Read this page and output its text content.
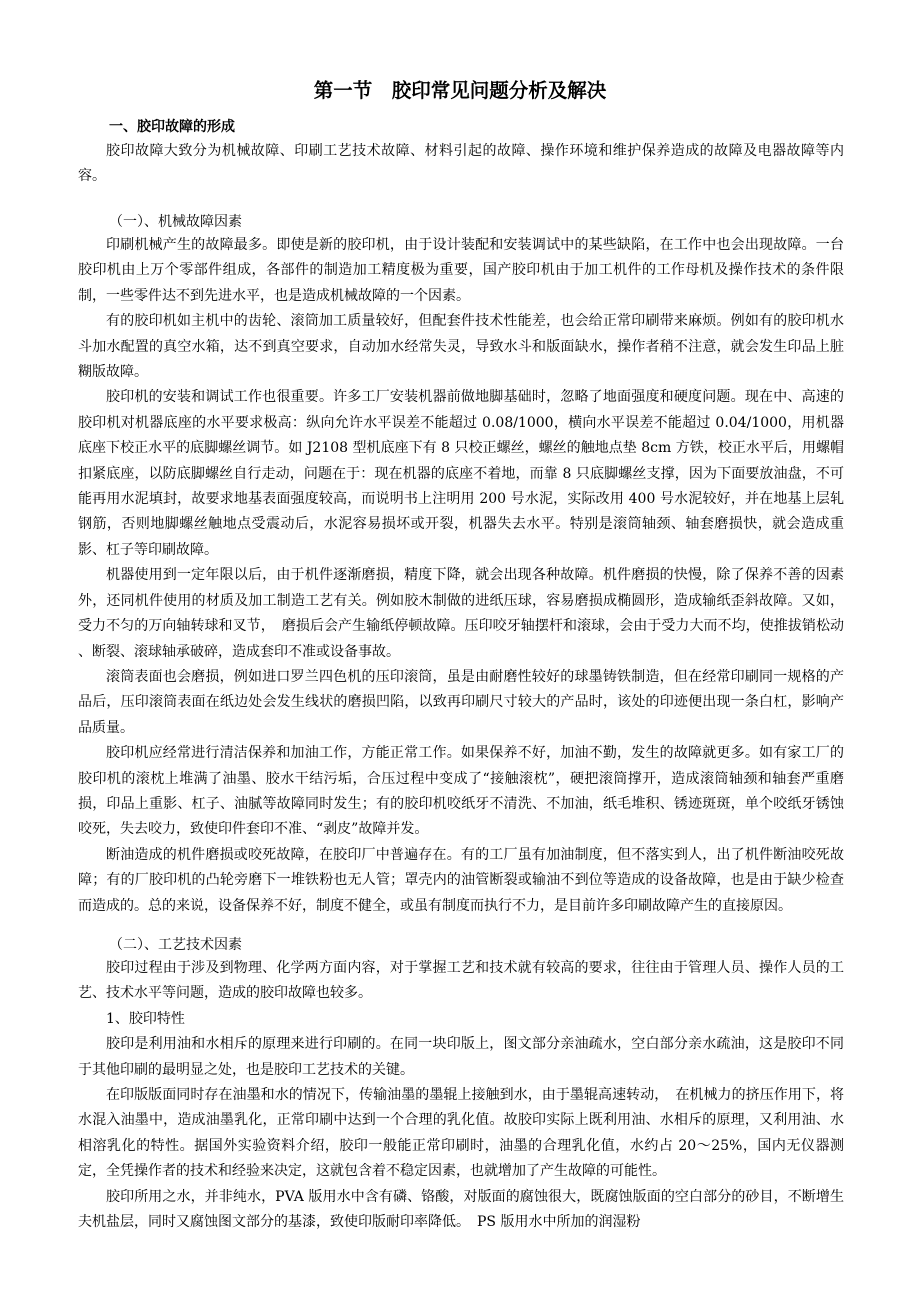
第一节　胶印常见问题分析及解决
一、胶印故障的形成

胶印故障大致分为机械故障、印刷工艺技术故障、材料引起的故障、操作环境和维护保养造成的故障及电器故障等内容。

（一）、机械故障因素

印刷机械产生的故障最多。即使是新的胶印机，由于设计装配和安装调试中的某些缺陷，在工作中也会出现故障。一台胶印机由上万个零部件组成，各部件的制造加工精度极为重要，国产胶印机由于加工机件的工作母机及操作技术的条件限制，一些零件达不到先进水平，也是造成机械故障的一个因素。

有的胶印机如主机中的齿轮、滚筒加工质量较好，但配套件技术性能差，也会给正常印刷带来麻烦。例如有的胶印机水斗加水配置的真空水箱，达不到真空要求，自动加水经常失灵，导致水斗和版面缺水，操作者稍不注意，就会发生印品上脏糊版故障。

胶印机的安装和调试工作也很重要。许多工厂安装机器前做地脚基础时，忽略了地面强度和硬度问题。现在中、高速的胶印机对机器底座的水平要求极高：纵向允许水平误差不能超过 0.08/1000，横向水平误差不能超过 0.04/1000，用机器底座下校正水平的底脚螺丝调节。如 J2108 型机底座下有 8 只校正螺丝，螺丝的触地点垫 8cm 方铁，校正水平后，用螺帽扣紧底座，以防底脚螺丝自行走动，问题在于：现在机器的底座不着地，而靠 8 只底脚螺丝支撑，因为下面要放油盘，不可能再用水泥填封，故要求地基表面强度较高，而说明书上注明用 200 号水泥，实际改用 400 号水泥较好，并在地基上层轧钢筋，否则地脚螺丝触地点受震动后，水泥容易损坏或开裂，机器失去水平。特别是滚筒轴颈、轴套磨损快，就会造成重影、杠子等印刷故障。

机器使用到一定年限以后，由于机件逐渐磨损，精度下降，就会出现各种故障。机件磨损的快慢，除了保养不善的因素外，还同机件使用的材质及加工制造工艺有关。例如胶木制做的进纸压球，容易磨损成椭圆形，造成输纸歪斜故障。又如，受力不匀的万向轴转球和叉节，　磨损后会产生输纸停顿故障。压印咬牙轴摆杆和滚球，会由于受力大而不均，使推拔销松动 、断裂、滚球轴承破碎，造成套印不准或设备事故。

滚筒表面也会磨损，例如进口罗兰四色机的压印滚筒，虽是由耐磨性较好的球墨铸铁制造，但在经常印刷同一规格的产品后，压印滚筒表面在纸边处会发生线状的磨损凹陷，以致再印刷尺寸较大的产品时，该处的印迹便出现一条白杠，影响产品质量。

胶印机应经常进行清洁保养和加油工作，方能正常工作。如果保养不好，加油不勤，发生的故障就更多。如有家工厂的胶印机的滚枕上堆满了油墨、胶水干结污垢，合压过程中变成了“接触滚枕”，硬把滚筒撑开，造成滚筒轴颈和轴套严重磨损，印品上重影、杠子、油腻等故障同时发生；有的胶印机咬纸牙不清洗、不加油，纸毛堆积、锈迹斑斑，单个咬纸牙锈蚀咬死，失去咬力，致使印件套印不准、“剥皮”故障并发。

断油造成的机件磨损或咬死故障，在胶印厂中普遍存在。有的工厂虽有加油制度，但不落实到人，出了机件断油咬死故障；有的厂胶印机的凸轮旁磨下一堆铁粉也无人管；罩壳内的油管断裂或输油不到位等造成的设备故障，也是由于缺少检查而造成的。总的来说，设备保养不好，制度不健全，或虽有制度而执行不力，是目前许多印刷故障产生的直接原因。

（二）、工艺技术因素

胶印过程由于涉及到物理、化学两方面内容，对于掌握工艺和技术就有较高的要求，往往由于管理人员、操作人员的工艺、技术水平等问题，造成的胶印故障也较多。

1、胶印特性

胶印是利用油和水相斥的原理来进行印刷的。在同一块印版上，图文部分亲油疏水，空白部分亲水疏油，这是胶印不同于其他印刷的最明显之处，也是胶印工艺技术的关键。

在印版版面同时存在油墨和水的情况下，传输油墨的墨辊上接触到水，由于墨辊高速转动，　在机械力的挤压作用下，将水混入油墨中，造成油墨乳化，正常印刷中达到一个合理的乳化值。故胶印实际上既利用油、水相斥的原理，又利用油、水相溶乳化的特性。据国外实验资料介绍，胶印一般能正常印刷时，油墨的合理乳化值，水约占 20～25%，国内无仪器测定，全凭操作者的技术和经验来决定，这就包含着不稳定因素，也就增加了产生故障的可能性。

胶印所用之水，并非纯水，PVA 版用水中含有磷、铬酸，对版面的腐蚀很大，既腐蚀版面的空白部分的砂目，不断增生夫机盐层，同时又腐蚀图文部分的基漆，致使印版耐印率降低。　PS 版用水中所加的润湿粉
